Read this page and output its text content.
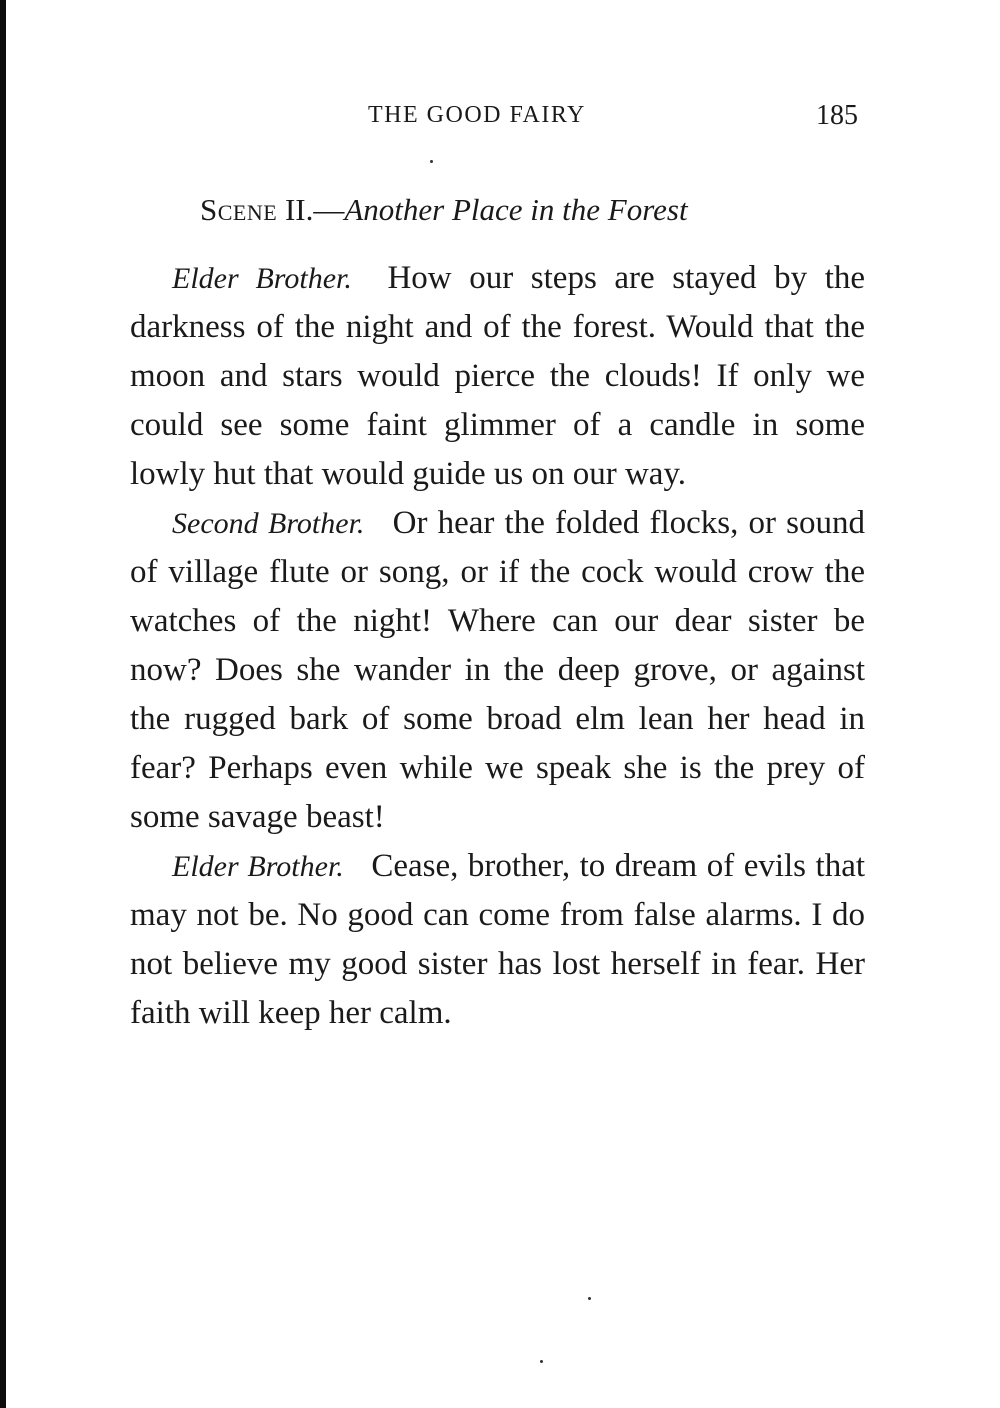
THE GOOD FAIRY	185
Scene II.—Another Place in the Forest

Elder Brother. How our steps are stayed by the darkness of the night and of the forest. Would that the moon and stars would pierce the clouds! If only we could see some faint glimmer of a candle in some lowly hut that would guide us on our way.

Second Brother. Or hear the folded flocks, or sound of village flute or song, or if the cock would crow the watches of the night! Where can our dear sister be now? Does she wander in the deep grove, or against the rugged bark of some broad elm lean her head in fear? Perhaps even while we speak she is the prey of some savage beast!

Elder Brother. Cease, brother, to dream of evils that may not be. No good can come from false alarms. I do not believe my good sister has lost herself in fear. Her faith will keep her calm.
